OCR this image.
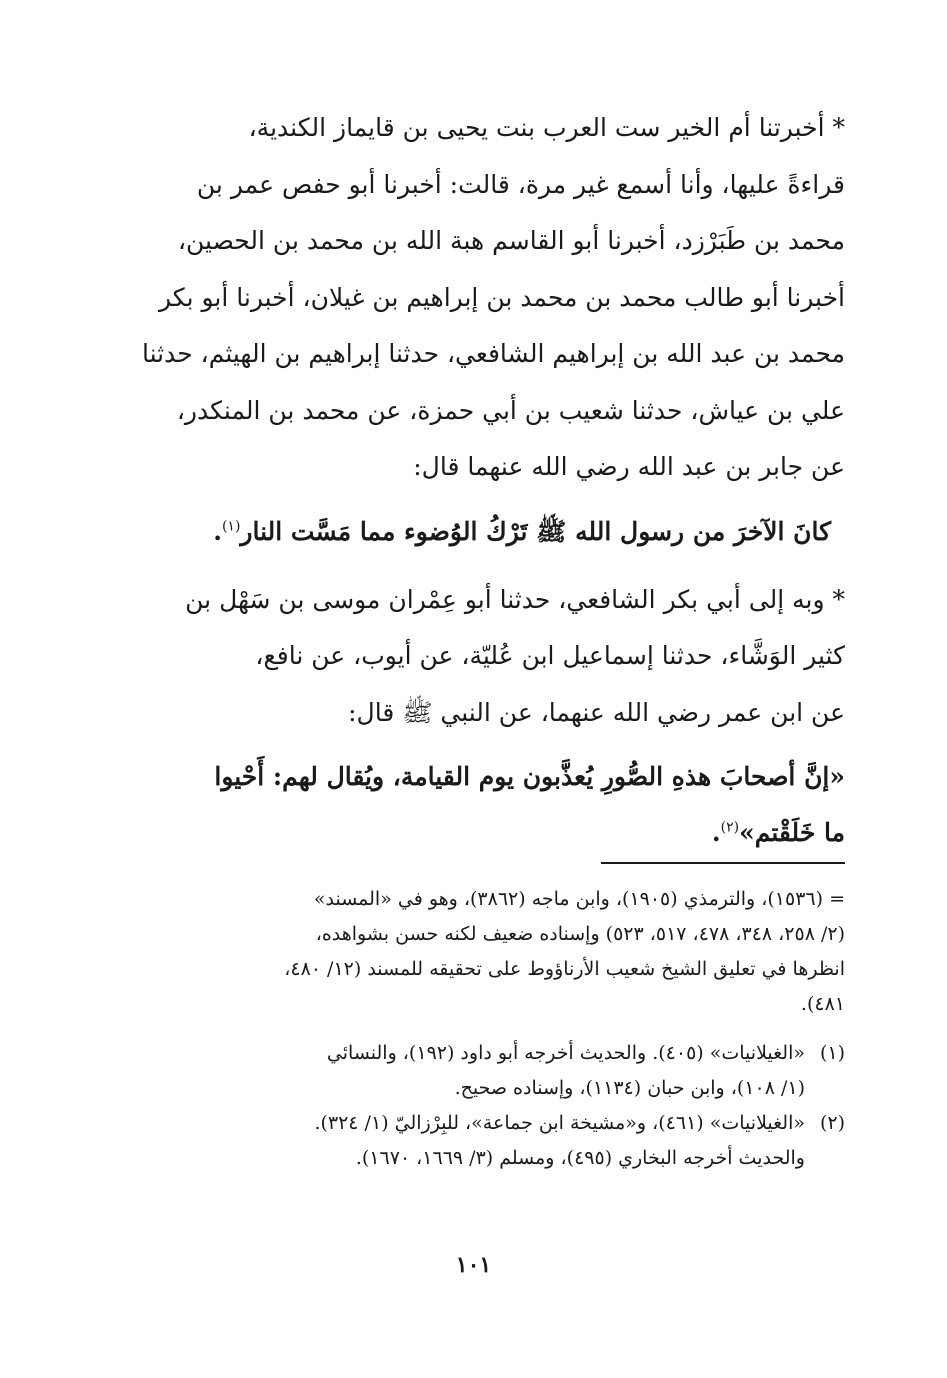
* أخبرتنا أم الخير ست العرب بنت يحيى بن قايماز الكندية،
قراءةً عليها، وأنا أسمع غير مرة، قالت: أخبرنا أبو حفص عمر بن
محمد بن طَبَرْزد، أخبرنا أبو القاسم هبة الله بن محمد بن الحصين،
أخبرنا أبو طالب محمد بن محمد بن إبراهيم بن غيلان، أخبرنا أبو بكر
محمد بن عبد الله بن إبراهيم الشافعي، حدثنا إبراهيم بن الهيثم، حدثنا
علي بن عياش، حدثنا شعيب بن أبي حمزة، عن محمد بن المنكدر،
عن جابر بن عبد الله رضي الله عنهما قال:

كانَ الآخرَ من رسول الله ﷺ تَرْكُ الوُضوء مما مَسَّت النار$^{(١)}$.

* وبه إلى أبي بكر الشافعي، حدثنا أبو عِمْران موسى بن سَهْل بن
كثير الوَشَّاء، حدثنا إسماعيل ابن عُليّة، عن أيوب، عن نافع،
عن ابن عمر رضي الله عنهما، عن النبي ﷺ قال:

«إنَّ أصحابَ هذهِ الصُّورِ يُعذَّبون يوم القيامة، ويُقال لهم: أَحْيوا
ما خَلَقْتم»$^{(٢)}$.

= (١٥٣٦)، والترمذي (١٩٠٥)، وابن ماجه (٣٨٦٢)، وهو في «المسند»
(٢/ ٢٥٨، ٣٤٨، ٤٧٨، ٥١٧، ٥٢٣) وإسناده ضعيف لكنه حسن بشواهده،
انظرها في تعليق الشيخ شعيب الأرناؤوط على تحقيقه للمسند (١٢/ ٤٨٠،
٤٨١).

(١)«الغيلانيات» (٤٠٥). والحديث أخرجه أبو داود (١٩٢)، والنسائي
(١/ ١٠٨)، وابن حبان (١١٣٤)، وإسناده صحيح.

(٢)«الغيلانيات» (٤٦١)، و«مشيخة ابن جماعة»، للبِرْزاليّ (١/ ٣٢٤).
والحديث أخرجه البخاري (٤٩٥)، ومسلم (٣/ ١٦٦٩، ١٦٧٠).

١٠١
